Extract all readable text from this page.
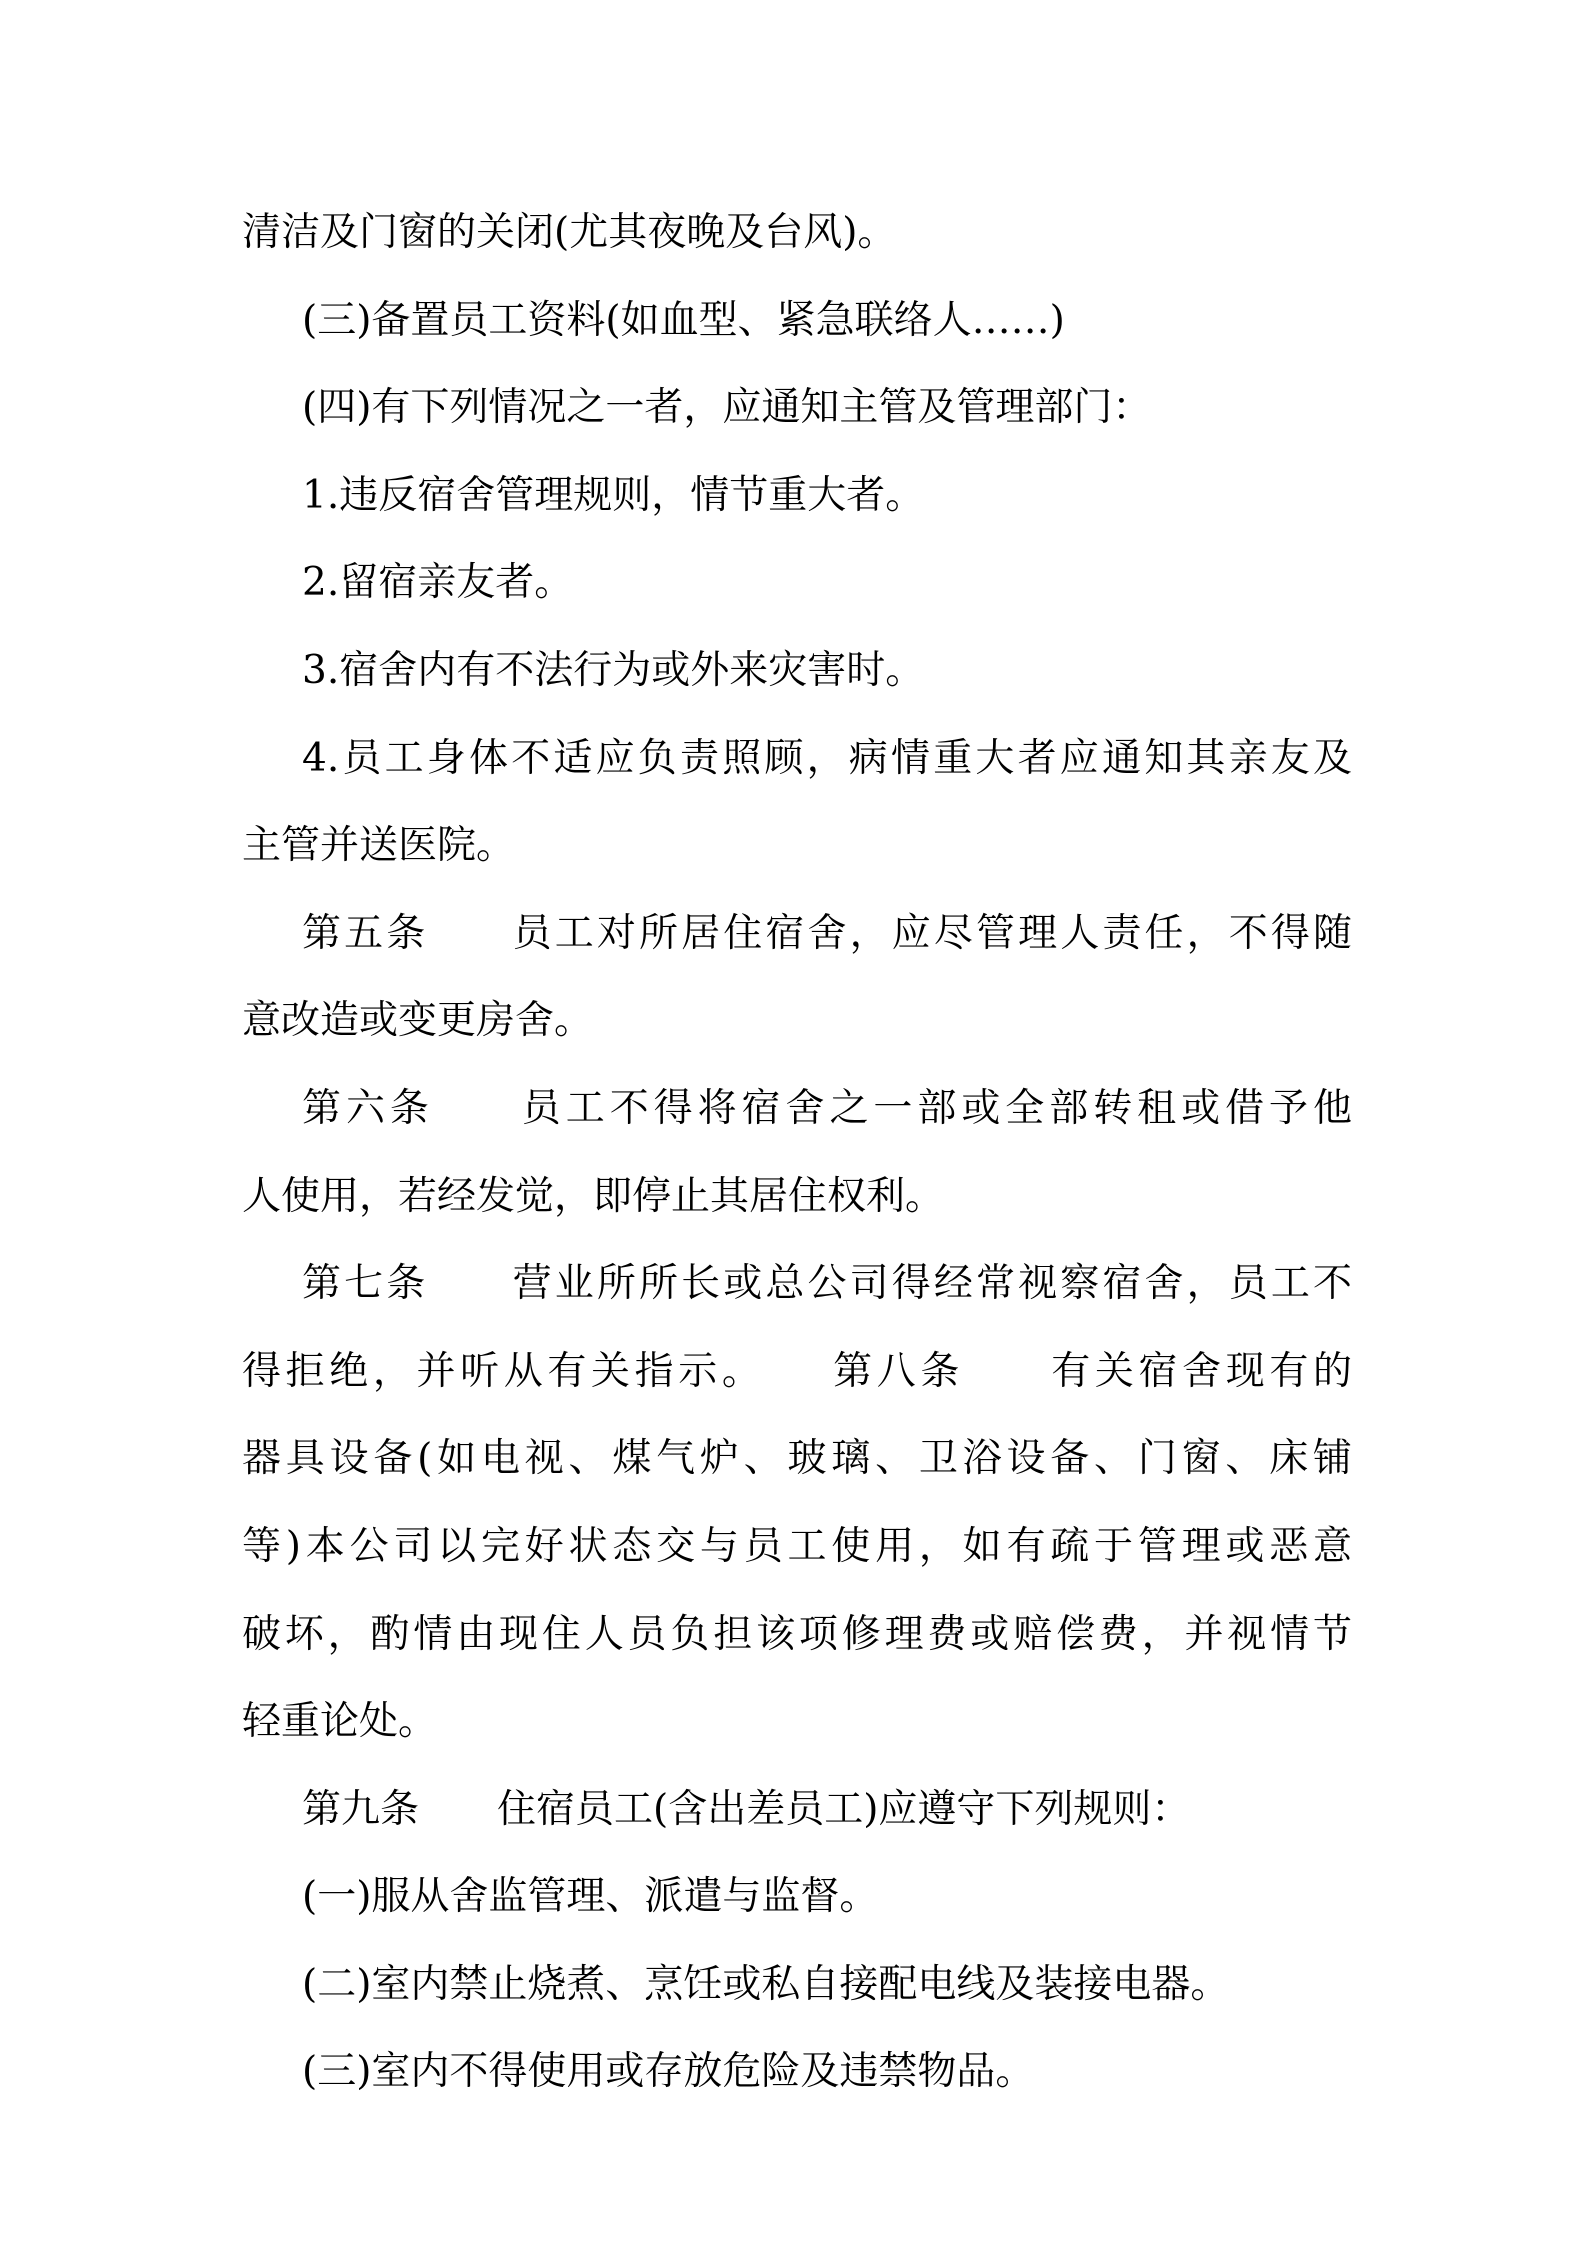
清洁及门窗的关闭(尤其夜晚及台风)。
(三)备置员工资料(如血型、紧急联络人……)
(四)有下列情况之一者，应通知主管及管理部门：
1.违反宿舍管理规则，情节重大者。
2.留宿亲友者。
3.宿舍内有不法行为或外来灾害时。
4.员工身体不适应负责照顾，病情重大者应通知其亲友及
主管并送医院。
第五条　　员工对所居住宿舍，应尽管理人责任，不得随
意改造或变更房舍。
第六条　　员工不得将宿舍之一部或全部转租或借予他
人使用，若经发觉，即停止其居住权利。
第七条　　营业所所长或总公司得经常视察宿舍，员工不
得拒绝，并听从有关指示。　　第八条　　有关宿舍现有的
器具设备(如电视、煤气炉、玻璃、卫浴设备、门窗、床铺
等)本公司以完好状态交与员工使用，如有疏于管理或恶意
破坏，酌情由现住人员负担该项修理费或赔偿费，并视情节
轻重论处。
第九条　　住宿员工(含出差员工)应遵守下列规则：
(一)服从舍监管理、派遣与监督。
(二)室内禁止烧煮、烹饪或私自接配电线及装接电器。
(三)室内不得使用或存放危险及违禁物品。
